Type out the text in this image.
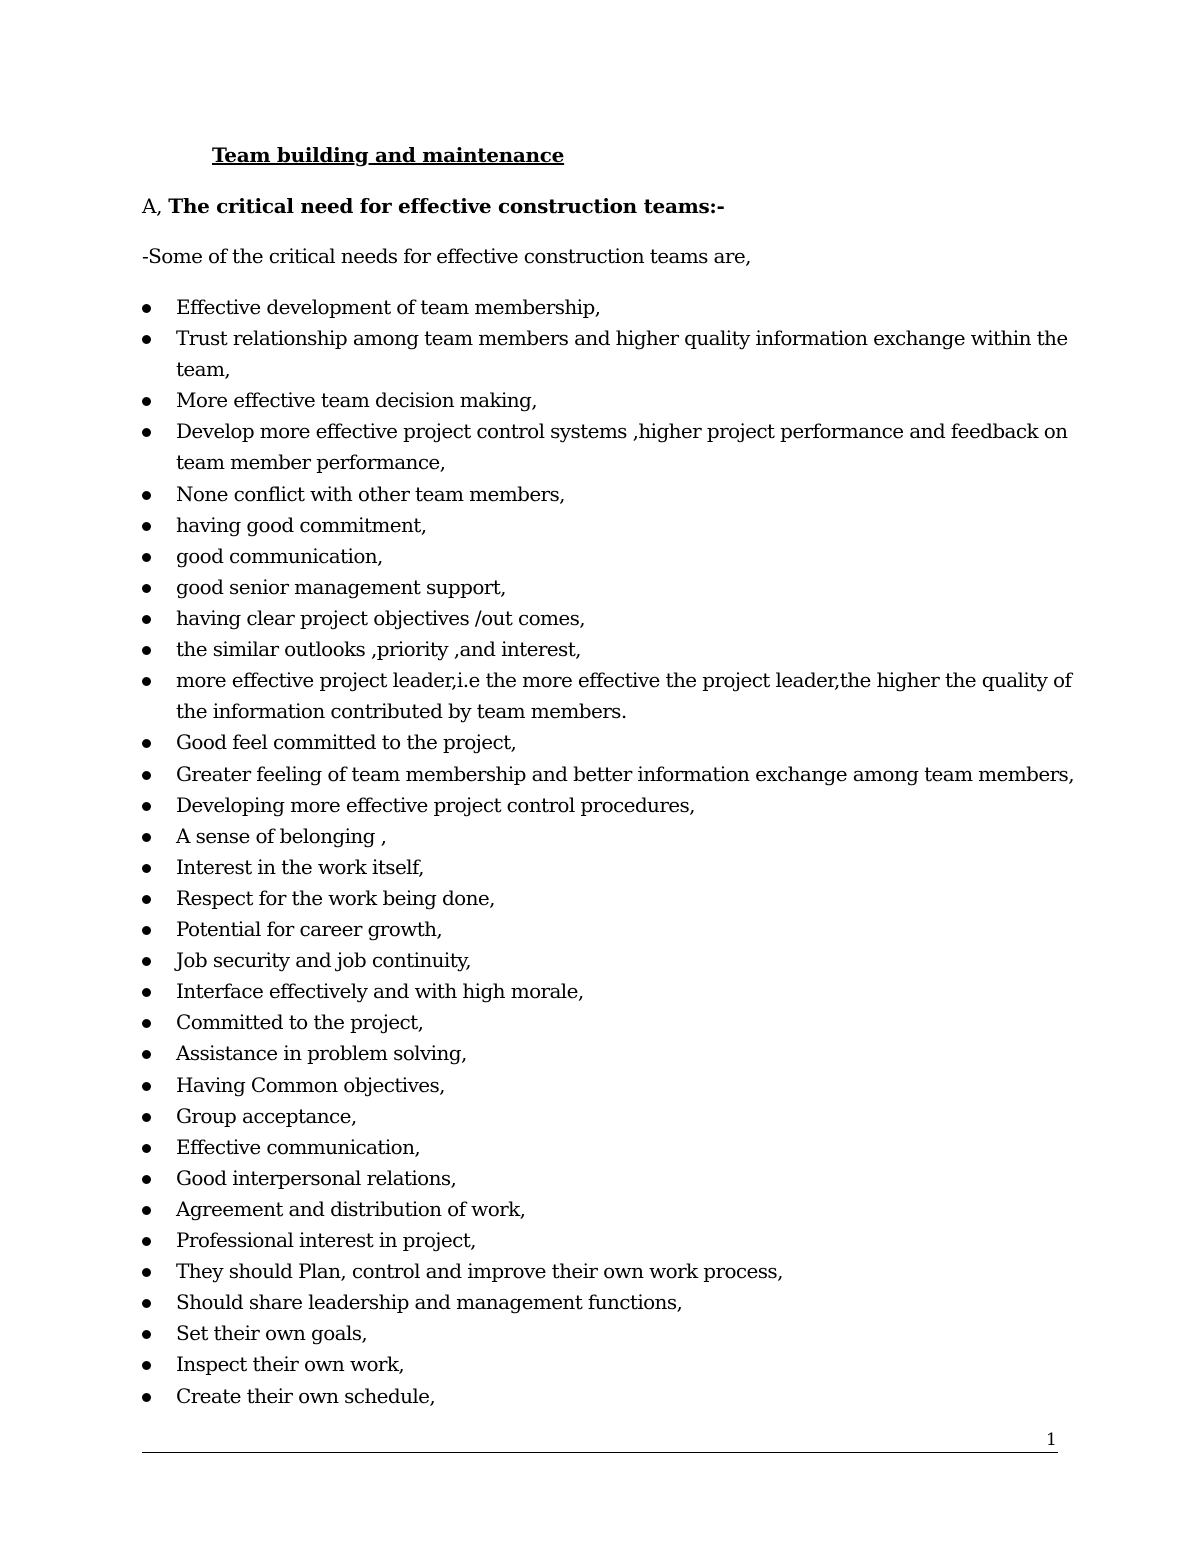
Team building and maintenance
A, The critical need for effective construction teams:-
-Some of the critical needs for effective construction teams are,
Effective development of team membership,
Trust relationship among team members and higher quality information exchange within the team,
More effective team decision making,
Develop more effective project control systems ,higher project performance and feedback on team member performance,
None conflict with other team members,
having good commitment,
good communication,
good senior management support,
having clear project objectives /out comes,
the similar outlooks ,priority ,and interest,
more effective project leader,i.e the more effective the project leader,the higher the quality of the information contributed by team members.
Good feel committed to the project,
Greater feeling of team membership and better information exchange among team members,
Developing more effective project control procedures,
A sense of belonging ,
Interest in the work itself,
Respect for the work being done,
Potential for career growth,
Job security and job continuity,
Interface effectively and with high morale,
Committed to the project,
Assistance in problem solving,
Having Common objectives,
Group acceptance,
Effective communication,
Good interpersonal relations,
Agreement and distribution of work,
Professional interest in project,
They should Plan, control and improve their own work process,
Should share leadership and management functions,
Set their own goals,
Inspect their own work,
Create their own schedule,
1
